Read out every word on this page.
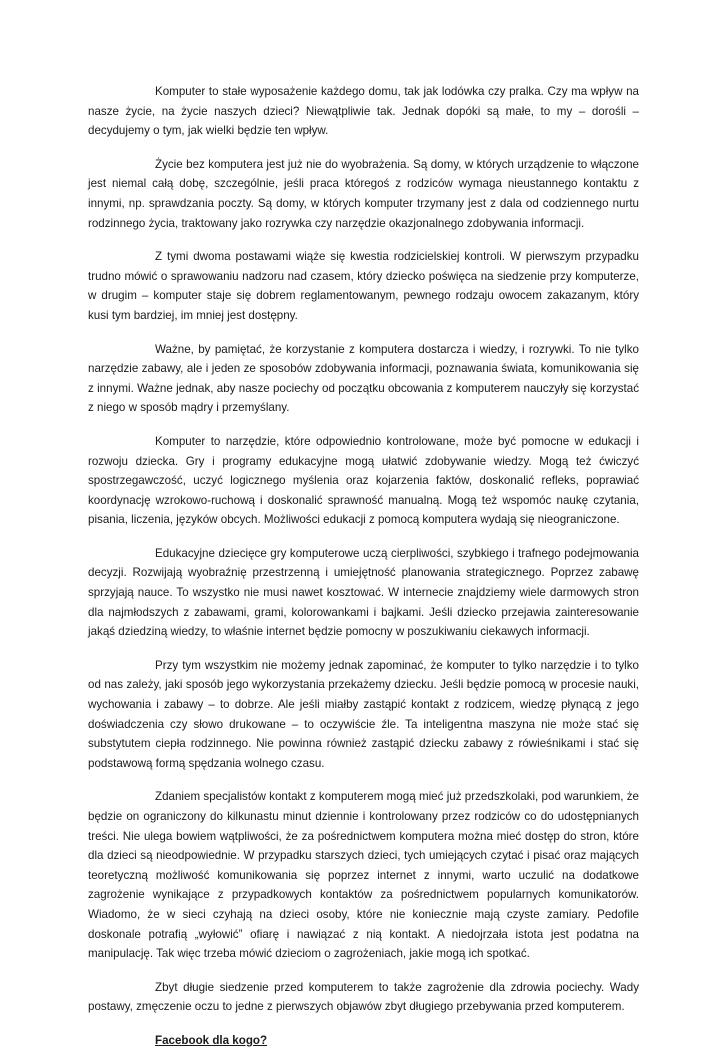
Komputer to stałe wyposażenie każdego domu, tak jak lodówka czy pralka. Czy ma wpływ na nasze życie, na życie naszych dzieci? Niewątpliwie tak. Jednak dopóki są małe, to my – dorośli – decydujemy o tym, jak wielki będzie ten wpływ.

Życie bez komputera jest już nie do wyobrażenia. Są domy, w których urządzenie to włączone jest niemal całą dobę, szczególnie, jeśli praca któregoś z rodziców wymaga nieustannego kontaktu z innymi, np. sprawdzania poczty. Są domy, w których komputer trzymany jest z dala od codziennego nurtu rodzinnego życia, traktowany jako rozrywka czy narzędzie okazjonalnego zdobywania informacji.

Z tymi dwoma postawami wiąże się kwestia rodzicielskiej kontroli. W pierwszym przypadku trudno mówić o sprawowaniu nadzoru nad czasem, który dziecko poświęca na siedzenie przy komputerze, w drugim – komputer staje się dobrem reglamentowanym, pewnego rodzaju owocem zakazanym, który kusi tym bardziej, im mniej jest dostępny.

Ważne, by pamiętać, że korzystanie z komputera dostarcza i wiedzy, i rozrywki. To nie tylko narzędzie zabawy, ale i jeden ze sposobów zdobywania informacji, poznawania świata, komunikowania się z innymi. Ważne jednak, aby nasze pociechy od początku obcowania z komputerem nauczyły się korzystać z niego w sposób mądry i przemyślany.

Komputer to narzędzie, które odpowiednio kontrolowane, może być pomocne w edukacji i rozwoju dziecka. Gry i programy edukacyjne mogą ułatwić zdobywanie wiedzy. Mogą też ćwiczyć spostrzegawczość, uczyć logicznego myślenia oraz kojarzenia faktów, doskonalić refleks, poprawiać koordynację wzrokowo-ruchową i doskonalić sprawność manualną. Mogą też wspomóc naukę czytania, pisania, liczenia, języków obcych. Możliwości edukacji z pomocą komputera wydają się nieograniczone.

Edukacyjne dziecięce gry komputerowe uczą cierpliwości, szybkiego i trafnego podejmowania decyzji. Rozwijają wyobraźnię przestrzenną i umiejętność planowania strategicznego. Poprzez zabawę sprzyjają nauce. To wszystko nie musi nawet kosztować. W internecie znajdziemy wiele darmowych stron dla najmłodszych z zabawami, grami, kolorowankami i bajkami. Jeśli dziecko przejawia zainteresowanie jakąś dziedziną wiedzy, to właśnie internet będzie pomocny w poszukiwaniu ciekawych informacji.

Przy tym wszystkim nie możemy jednak zapominać, że komputer to tylko narzędzie i to tylko od nas zależy, jaki sposób jego wykorzystania przekażemy dziecku. Jeśli będzie pomocą w procesie nauki, wychowania i zabawy – to dobrze. Ale jeśli miałby zastąpić kontakt z rodzicem, wiedzę płynącą z jego doświadczenia czy słowo drukowane – to oczywiście źle. Ta inteligentna maszyna nie może stać się substytutem ciepła rodzinnego. Nie powinna również zastąpić dziecku zabawy z rówieśnikami i stać się podstawową formą spędzania wolnego czasu.

Zdaniem specjalistów kontakt z komputerem mogą mieć już przedszkolaki, pod warunkiem, że będzie on ograniczony do kilkunastu minut dziennie i kontrolowany przez rodziców co do udostępnianych treści. Nie ulega bowiem wątpliwości, że za pośrednictwem komputera można mieć dostęp do stron, które dla dzieci są nieodpowiednie. W przypadku starszych dzieci, tych umiejących czytać i pisać oraz mających teoretyczną możliwość komunikowania się poprzez internet z innymi, warto uczulić na dodatkowe zagrożenie wynikające z przypadkowych kontaktów za pośrednictwem popularnych komunikatorów. Wiadomo, że w sieci czyhają na dzieci osoby, które nie koniecznie mają czyste zamiary. Pedofile doskonale potrafią „wyłowić” ofiarę i nawiązać z nią kontakt. A niedojrzała istota jest podatna na manipulację. Tak więc trzeba mówić dzieciom o zagrożeniach, jakie mogą ich spotkać.

Zbyt długie siedzenie przed komputerem to także zagrożenie dla zdrowia pociechy. Wady postawy, zmęczenie oczu to jedne z pierwszych objawów zbyt długiego przebywania przed komputerem.

Facebook dla kogo?
